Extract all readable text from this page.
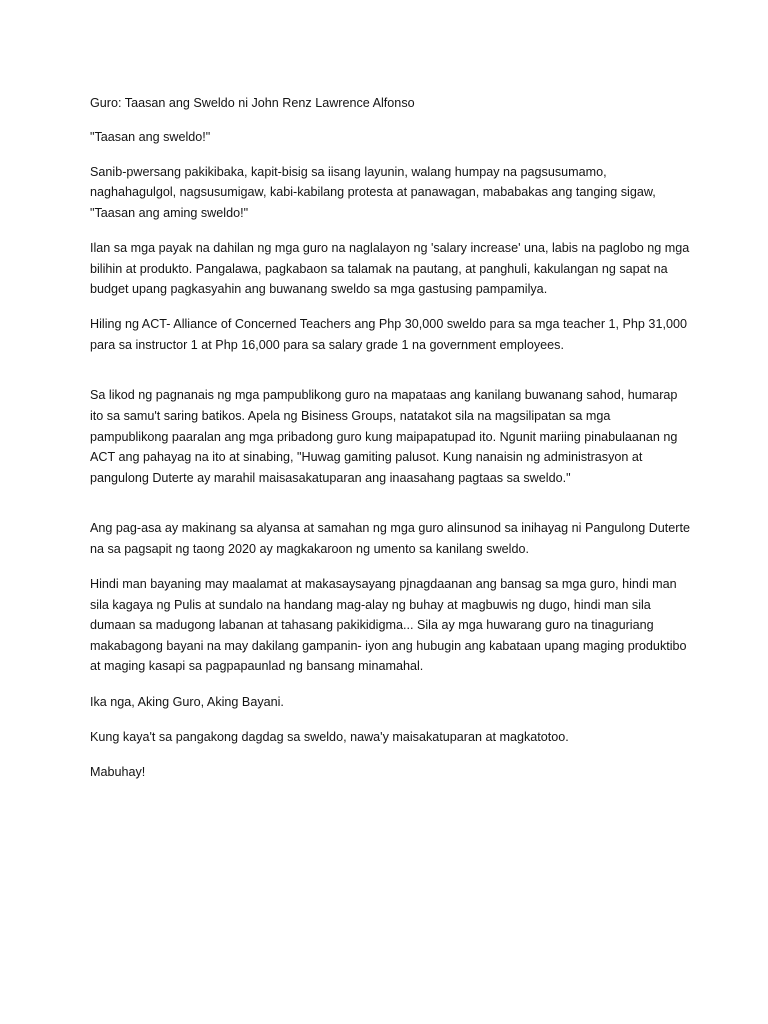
Guro: Taasan ang Sweldo ni John Renz Lawrence Alfonso

"Taasan ang sweldo!"

Sanib-pwersang pakikibaka, kapit-bisig sa iisang layunin, walang humpay na pagsusumamo, naghahagulgol, nagsusumigaw, kabi-kabilang protesta at panawagan, mababakas ang tanging sigaw, "Taasan ang aming sweldo!"

Ilan sa mga payak na dahilan ng mga guro na naglalayon ng 'salary increase' una, labis na paglobo ng mga bilihin at produkto. Pangalawa, pagkabaon sa talamak na pautang, at panghuli, kakulangan ng sapat na budget upang pagkasyahin ang buwanang sweldo sa mga gastusing pampamilya.

Hiling ng ACT- Alliance of Concerned Teachers ang Php 30,000 sweldo para sa mga teacher 1, Php 31,000 para sa instructor 1 at Php 16,000 para sa salary grade 1 na government employees.

Sa likod ng pagnanais ng mga pampublikong guro na mapataas ang kanilang buwanang sahod, humarap ito sa samu't saring batikos. Apela ng Bisiness Groups, natatakot sila na magsilipatan sa mga pampublikong paaralan ang mga pribadong guro kung maipapatupad ito. Ngunit mariing pinabulaanan ng ACT ang pahayag na ito at sinabing, "Huwag gamiting palusot. Kung nanaisin ng administrasyon at pangulong Duterte ay marahil maisasakatuparan ang inaasahang pagtaas sa sweldo."

Ang pag-asa ay makinang sa alyansa at samahan ng mga guro alinsunod sa inihayag ni Pangulong Duterte na sa pagsapit ng taong 2020 ay magkakaroon ng umento sa kanilang sweldo.

Hindi man bayaning may maalamat at makasaysayang pjnagdaanan ang bansag sa mga guro, hindi man sila kagaya ng Pulis at sundalo na handang mag-alay ng buhay at magbuwis ng dugo, hindi man sila dumaan sa madugong labanan at tahasang pakikidigma... Sila ay mga huwarang guro na tinaguriang makabagong bayani na may dakilang gampanin- iyon ang hubugin ang kabataan upang maging produktibo at maging kasapi sa pagpapaunlad ng bansang minamahal.

Ika nga, Aking Guro, Aking Bayani.

Kung kaya't sa pangakong dagdag sa sweldo, nawa'y maisakatuparan at magkatotoo.

Mabuhay!
